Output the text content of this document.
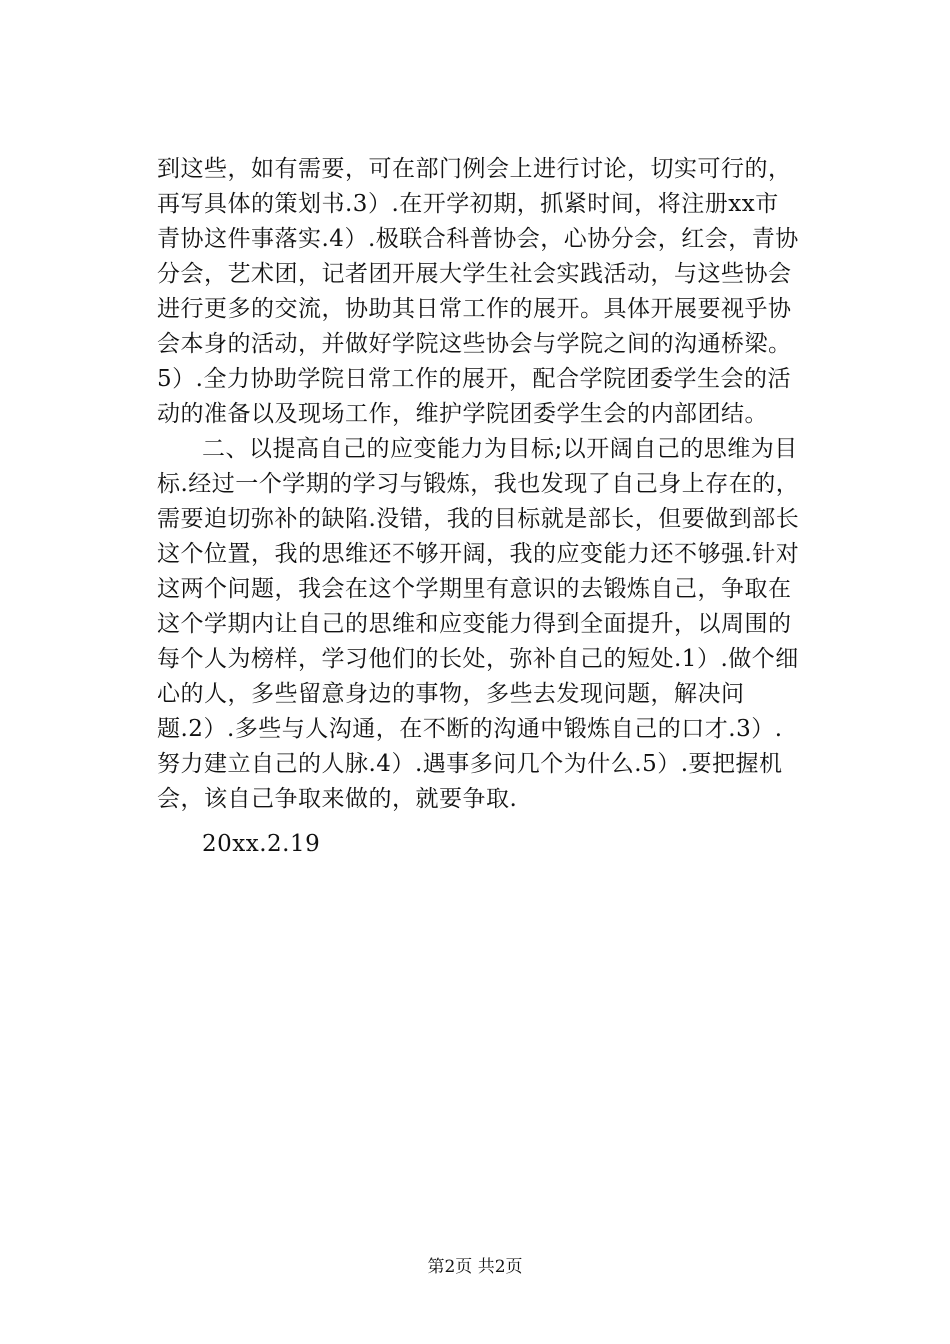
到这些，如有需要，可在部门例会上进行讨论，切实可行的，
再写具体的策划书.3）.在开学初期，抓紧时间，将注册xx市
青协这件事落实.4）.极联合科普协会，心协分会，红会，青协
分会，艺术团，记者团开展大学生社会实践活动，与这些协会
进行更多的交流，协助其日常工作的展开。具体开展要视乎协
会本身的活动，并做好学院这些协会与学院之间的沟通桥梁。
5）.全力协助学院日常工作的展开，配合学院团委学生会的活
动的准备以及现场工作，维护学院团委学生会的内部团结。
二、以提高自己的应变能力为目标;以开阔自己的思维为目
标.经过一个学期的学习与锻炼，我也发现了自己身上存在的，
需要迫切弥补的缺陷.没错，我的目标就是部长，但要做到部长
这个位置，我的思维还不够开阔，我的应变能力还不够强.针对
这两个问题，我会在这个学期里有意识的去锻炼自己，争取在
这个学期内让自己的思维和应变能力得到全面提升，以周围的
每个人为榜样，学习他们的长处，弥补自己的短处.1）.做个细
心的人，多些留意身边的事物，多些去发现问题，解决问
题.2）.多些与人沟通，在不断的沟通中锻炼自己的口才.3）.
努力建立自己的人脉.4）.遇事多问几个为什么.5）.要把握机
会，该自己争取来做的，就要争取.
20xx.2.19
第2页 共2页
